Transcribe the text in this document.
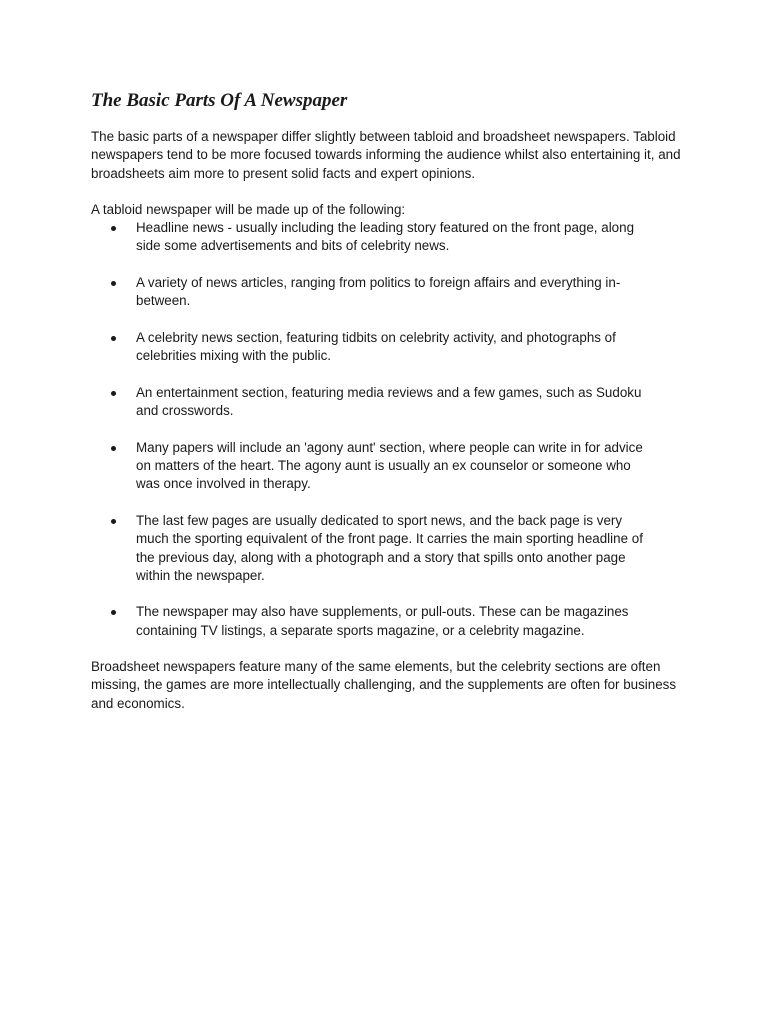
The Basic Parts Of A Newspaper

The basic parts of a newspaper differ slightly between tabloid and broadsheet newspapers. Tabloid newspapers tend to be more focused towards informing the audience whilst also entertaining it, and broadsheets aim more to present solid facts and expert opinions.

A tabloid newspaper will be made up of the following:

Headline news - usually including the leading story featured on the front page, along side some advertisements and bits of celebrity news.
A variety of news articles, ranging from politics to foreign affairs and everything in-between.
A celebrity news section, featuring tidbits on celebrity activity, and photographs of celebrities mixing with the public.
An entertainment section, featuring media reviews and a few games, such as Sudoku and crosswords.
Many papers will include an 'agony aunt' section, where people can write in for advice on matters of the heart. The agony aunt is usually an ex counselor or someone who was once involved in therapy.
The last few pages are usually dedicated to sport news, and the back page is very much the sporting equivalent of the front page. It carries the main sporting headline of the previous day, along with a photograph and a story that spills onto another page within the newspaper.
The newspaper may also have supplements, or pull-outs. These can be magazines containing TV listings, a separate sports magazine, or a celebrity magazine.

Broadsheet newspapers feature many of the same elements, but the celebrity sections are often missing, the games are more intellectually challenging, and the supplements are often for business and economics.
